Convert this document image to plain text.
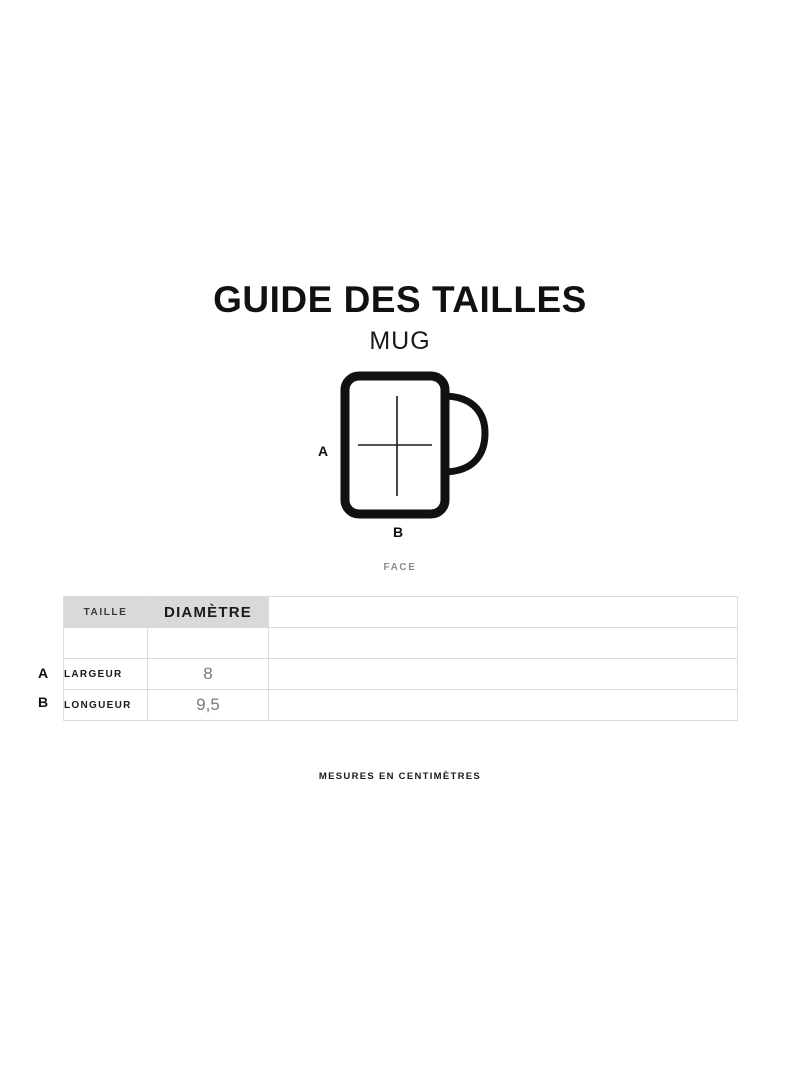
GUIDE DES TAILLES
MUG
A
B
FACE
TAILLE	DIAMÈTRE	

LARGEUR	8	
LONGUEUR	9,5	
A
B
MESURES EN CENTIMÈTRES
